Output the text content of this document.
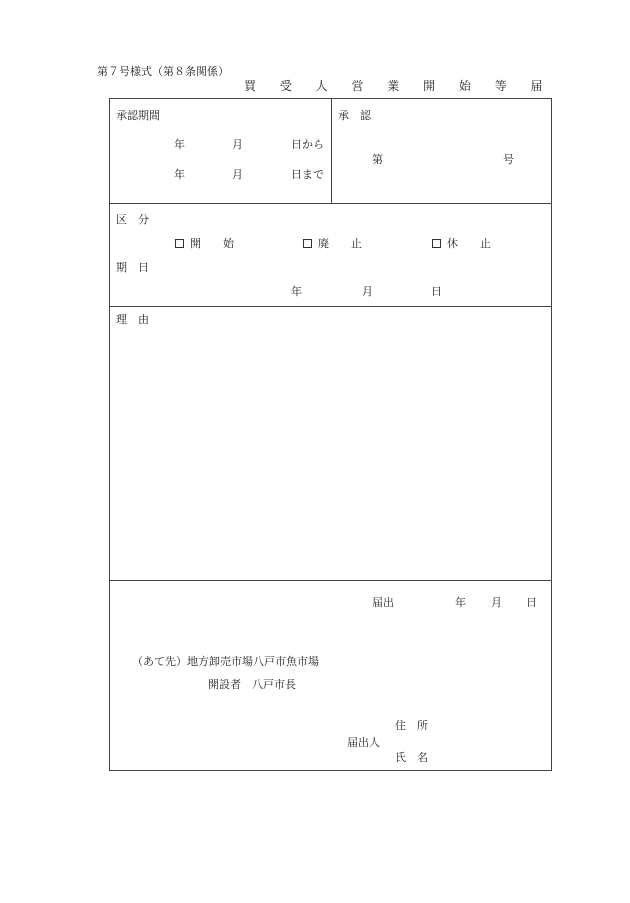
第７号様式（第８条関係）
買 受 人 営 業 開 始 等 届
承認期間
年	月	日から
年	月	日まで
承　認
第	号
区　分
開　　始	廃　　止	休　　止
期　日
年	月	日
理　由
届出	年 月 日
（あて先）地方卸売市場八戸市魚市場
開設者　八戸市長
住　所
届出人
氏　名
